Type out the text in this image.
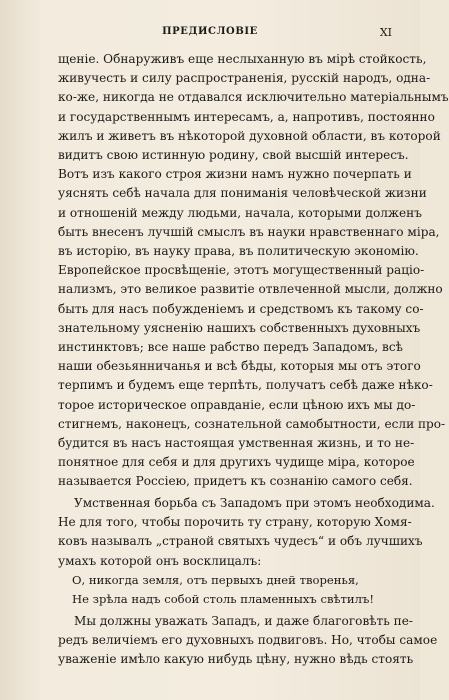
ПРЕДИСЛОВІЕ	XI
щеніе. Обнаруживъ еще неслыханную въ мірѣ стойкость,
живучесть и силу распространенія, русскій народъ, одна-
ко-же, никогда не отдавался исключительно матеріальнымъ
и государственнымъ интересамъ, а, напротивъ, постоянно
жилъ и живетъ въ нѣкоторой духовной области, въ которой
видитъ свою истинную родину, свой высшій интересъ.
Вотъ изъ какого строя жизни намъ нужно почерпать и
уяснять себѣ начала для пониманія человѣческой жизни
и отношеній между людьми, начала, которыми долженъ
быть внесенъ лучшій смыслъ въ науки нравственнаго міра,
въ исторію, въ науку права, въ политическую экономію.
Европейское просвѣщеніе, этотъ могущественный раціо-
нализмъ, это великое развитіе отвлеченной мысли, должно
быть для насъ побужденіемъ и средствомъ къ такому со-
знательному уясненію нашихъ собственныхъ духовныхъ
инстинктовъ; все наше рабство передъ Западомъ, всѣ
наши обезьянничанья и всѣ бѣды, которыя мы отъ этого
терпимъ и будемъ еще терпѣть, получатъ себѣ даже нѣко-
торое историческое оправданіе, если цѣною ихъ мы до-
стигнемъ, наконецъ, сознательной самобытности, если про-
будится въ насъ настоящая умственная жизнь, и то не-
понятное для себя и для другихъ чудище міра, которое
называется Россіею, придетъ къ сознанію самого себя.
Умственная борьба съ Западомъ при этомъ необходима.
Не для того, чтобы порочить ту страну, которую Хомя-
ковъ называлъ „страной святыхъ чудесъ“ и объ лучшихъ
умахъ которой онъ восклицалъ:
О, никогда земля, отъ первыхъ дней творенья,
Не зрѣла надъ собой столь пламенныхъ свѣтилъ!
Мы должны уважать Западъ, и даже благоговѣть пе-
редъ величіемъ его духовныхъ подвиговъ. Но, чтобы самое
уваженіе имѣло какую нибудь цѣну, нужно вѣдь стоять
